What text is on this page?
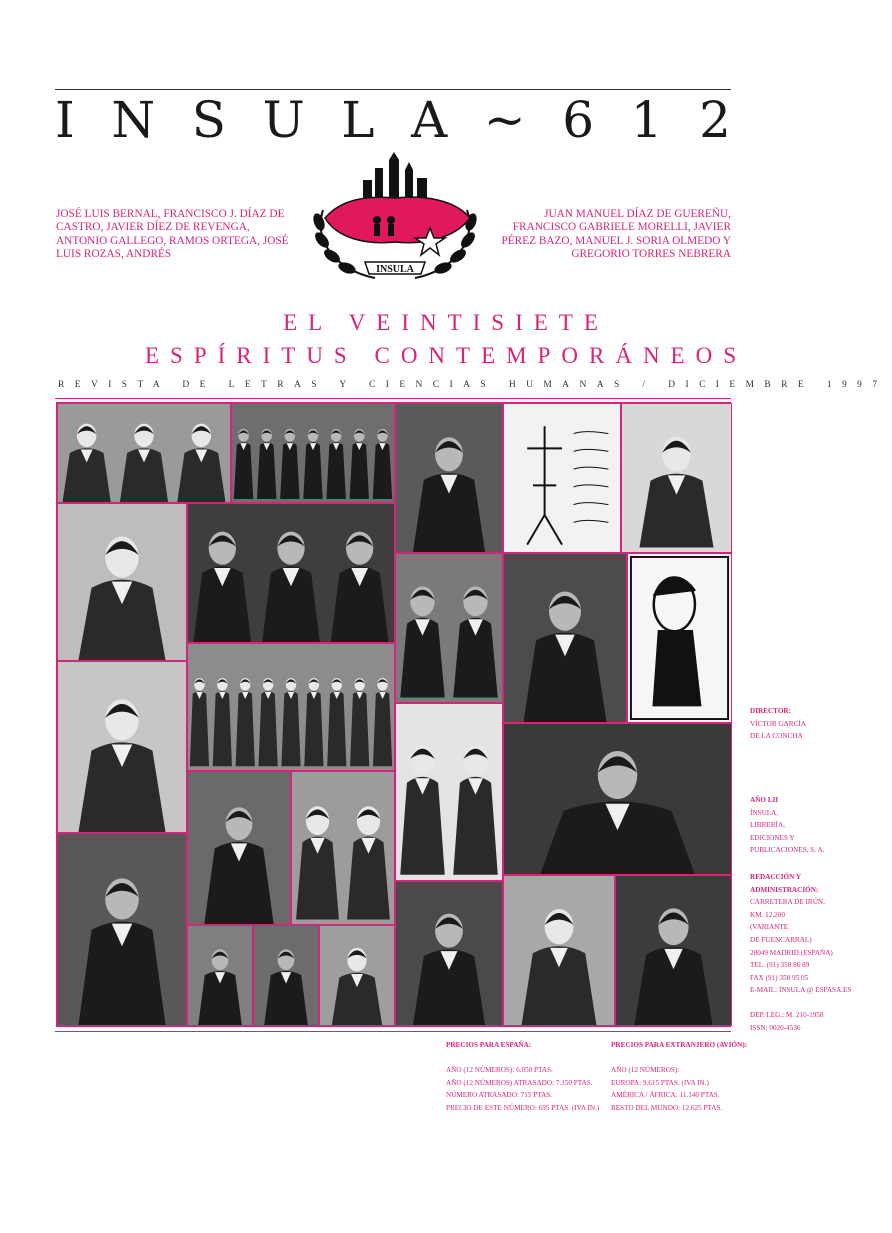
I N S U L A ~ 6 1 2
JOSÉ LUIS BERNAL, FRANCISCO J. DÍAZ DE CASTRO, JAVIER DÍEZ DE REVENGA, ANTONIO GALLEGO, RAMOS ORTEGA, JOSÉ LUIS ROZAS, ANDRÉS
JUAN MANUEL DÍAZ DE GUEREÑU, FRANCISCO GABRIELE MORELLI, JAVIER PÉREZ BAZO, MANUEL J. SORIA OLMEDO Y GREGORIO TORRES NEBRERA
INSULA
EL VEINTISIETE
ESPÍRITUS CONTEMPORÁNEOS
REVISTA DE LETRAS Y CIENCIAS HUMANAS / DICIEMBRE 1997
DIRECTOR:
VÍCTOR GARCÍA
DE LA CONCHA
AÑO LII
ÍNSULA,
LIBRERÍA,
EDICIONES Y
PUBLICACIONES, S. A.
REDACCIÓN Y
ADMINISTRACIÓN:
CARRETERA DE IRÚN,
KM. 12,200
(VARIANTE
DE FUENCARRAL)
28049 MADRID (ESPAÑA)
TEL. (91) 358 86 89
FAX (91) 358 95 05
E-MAIL: INSULA @ ESPASA.ES
DEP. LEG.: M. 210-1958
ISSN: 0020-4536
PRECIOS PARA ESPAÑA:
AÑO (12 NÚMEROS): 6.050 PTAS.
AÑO (12 NÚMEROS) ATRASADO: 7.150 PTAS.
NÚMERO ATRASADO: 715 PTAS.
PRECIO DE ESTE NÚMERO: 695 PTAS. (IVA IN.)
PRECIOS PARA EXTRANJERO (AVIÓN):
AÑO (12 NÚMEROS):
EUROPA: 9.615 PTAS. (IVA IN.)
AMÉRICA / ÁFRICA: 11.140 PTAS.
RESTO DEL MUNDO: 12.625 PTAS.
